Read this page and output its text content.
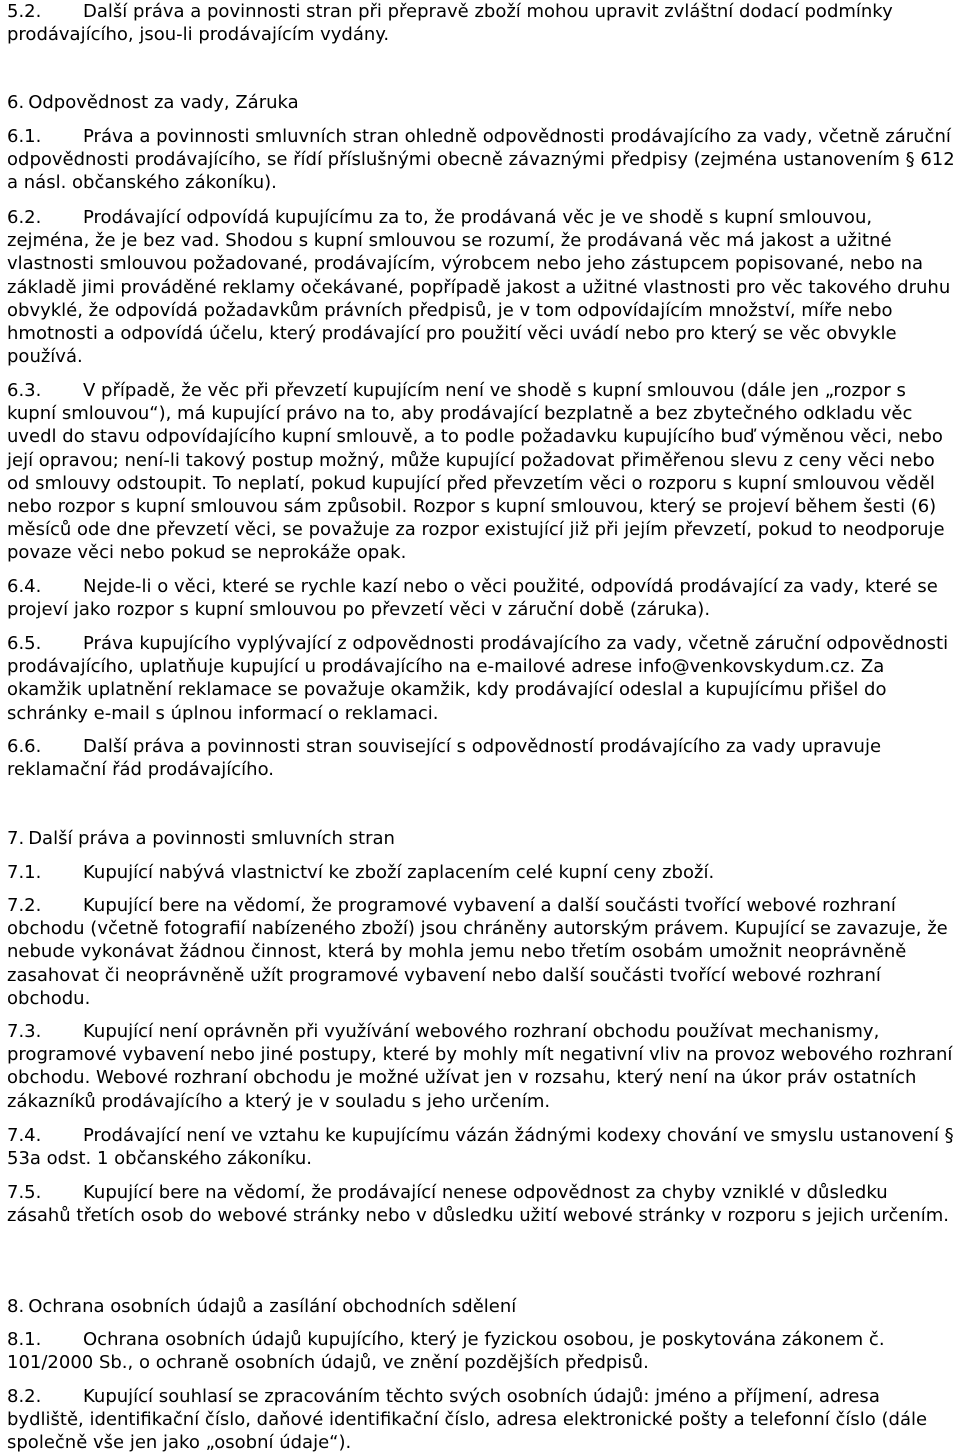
5.2. Další práva a povinnosti stran při přepravě zboží mohou upravit zvláštní dodací podmínky prodávajícího, jsou-li prodávajícím vydány.

6. Odpovědnost za vady, Záruka

6.1. Práva a povinnosti smluvních stran ohledně odpovědnosti prodávajícího za vady, včetně záruční odpovědnosti prodávajícího, se řídí příslušnými obecně závaznými předpisy (zejména ustanovením § 612 a násl. občanského zákoníku).

6.2. Prodávající odpovídá kupujícímu za to, že prodávaná věc je ve shodě s kupní smlouvou, zejména, že je bez vad. Shodou s kupní smlouvou se rozumí, že prodávaná věc má jakost a užitné vlastnosti smlouvou požadované, prodávajícím, výrobcem nebo jeho zástupcem popisované, nebo na základě jimi prováděné reklamy očekávané, popřípadě jakost a užitné vlastnosti pro věc takového druhu obvyklé, že odpovídá požadavkům právních předpisů, je v tom odpovídajícím množství, míře nebo hmotnosti a odpovídá účelu, který prodávající pro použití věci uvádí nebo pro který se věc obvykle používá.

6.3. V případě, že věc při převzetí kupujícím není ve shodě s kupní smlouvou (dále jen „rozpor s kupní smlouvou“), má kupující právo na to, aby prodávající bezplatně a bez zbytečného odkladu věc uvedl do stavu odpovídajícího kupní smlouvě, a to podle požadavku kupujícího buď výměnou věci, nebo její opravou; není-li takový postup možný, může kupující požadovat přiměřenou slevu z ceny věci nebo od smlouvy odstoupit. To neplatí, pokud kupující před převzetím věci o rozporu s kupní smlouvou věděl nebo rozpor s kupní smlouvou sám způsobil. Rozpor s kupní smlouvou, který se projeví během šesti (6) měsíců ode dne převzetí věci, se považuje za rozpor existující již při jejím převzetí, pokud to neodporuje povaze věci nebo pokud se neprokáže opak.

6.4. Nejde-li o věci, které se rychle kazí nebo o věci použité, odpovídá prodávající za vady, které se projeví jako rozpor s kupní smlouvou po převzetí věci v záruční době (záruka).

6.5. Práva kupujícího vyplývající z odpovědnosti prodávajícího za vady, včetně záruční odpovědnosti prodávajícího, uplatňuje kupující u prodávajícího na e-mailové adrese info@venkovskydum.cz. Za okamžik uplatnění reklamace se považuje okamžik, kdy prodávající odeslal a kupujícímu přišel do schránky e-mail s úplnou informací o reklamaci.

6.6. Další práva a povinnosti stran související s odpovědností prodávajícího za vady upravuje reklamační řád prodávajícího.

7. Další práva a povinnosti smluvních stran

7.1. Kupující nabývá vlastnictví ke zboží zaplacením celé kupní ceny zboží.

7.2. Kupující bere na vědomí, že programové vybavení a další součásti tvořící webové rozhraní obchodu (včetně fotografií nabízeného zboží) jsou chráněny autorským právem. Kupující se zavazuje, že nebude vykonávat žádnou činnost, která by mohla jemu nebo třetím osobám umožnit neoprávněně zasahovat či neoprávněně užít programové vybavení nebo další součásti tvořící webové rozhraní obchodu.

7.3. Kupující není oprávněn při využívání webového rozhraní obchodu používat mechanismy, programové vybavení nebo jiné postupy, které by mohly mít negativní vliv na provoz webového rozhraní obchodu. Webové rozhraní obchodu je možné užívat jen v rozsahu, který není na úkor práv ostatních zákazníků prodávajícího a který je v souladu s jeho určením.

7.4. Prodávající není ve vztahu ke kupujícímu vázán žádnými kodexy chování ve smyslu ustanovení § 53a odst. 1 občanského zákoníku.

7.5. Kupující bere na vědomí, že prodávající nenese odpovědnost za chyby vzniklé v důsledku zásahů třetích osob do webové stránky nebo v důsledku užití webové stránky v rozporu s jejich určením.

8. Ochrana osobních údajů a zasílání obchodních sdělení

8.1. Ochrana osobních údajů kupujícího, který je fyzickou osobou, je poskytována zákonem č. 101/2000 Sb., o ochraně osobních údajů, ve znění pozdějších předpisů.

8.2. Kupující souhlasí se zpracováním těchto svých osobních údajů: jméno a příjmení, adresa bydliště, identifikační číslo, daňové identifikační číslo, adresa elektronické pošty a telefonní číslo (dále společně vše jen jako „osobní údaje“).
